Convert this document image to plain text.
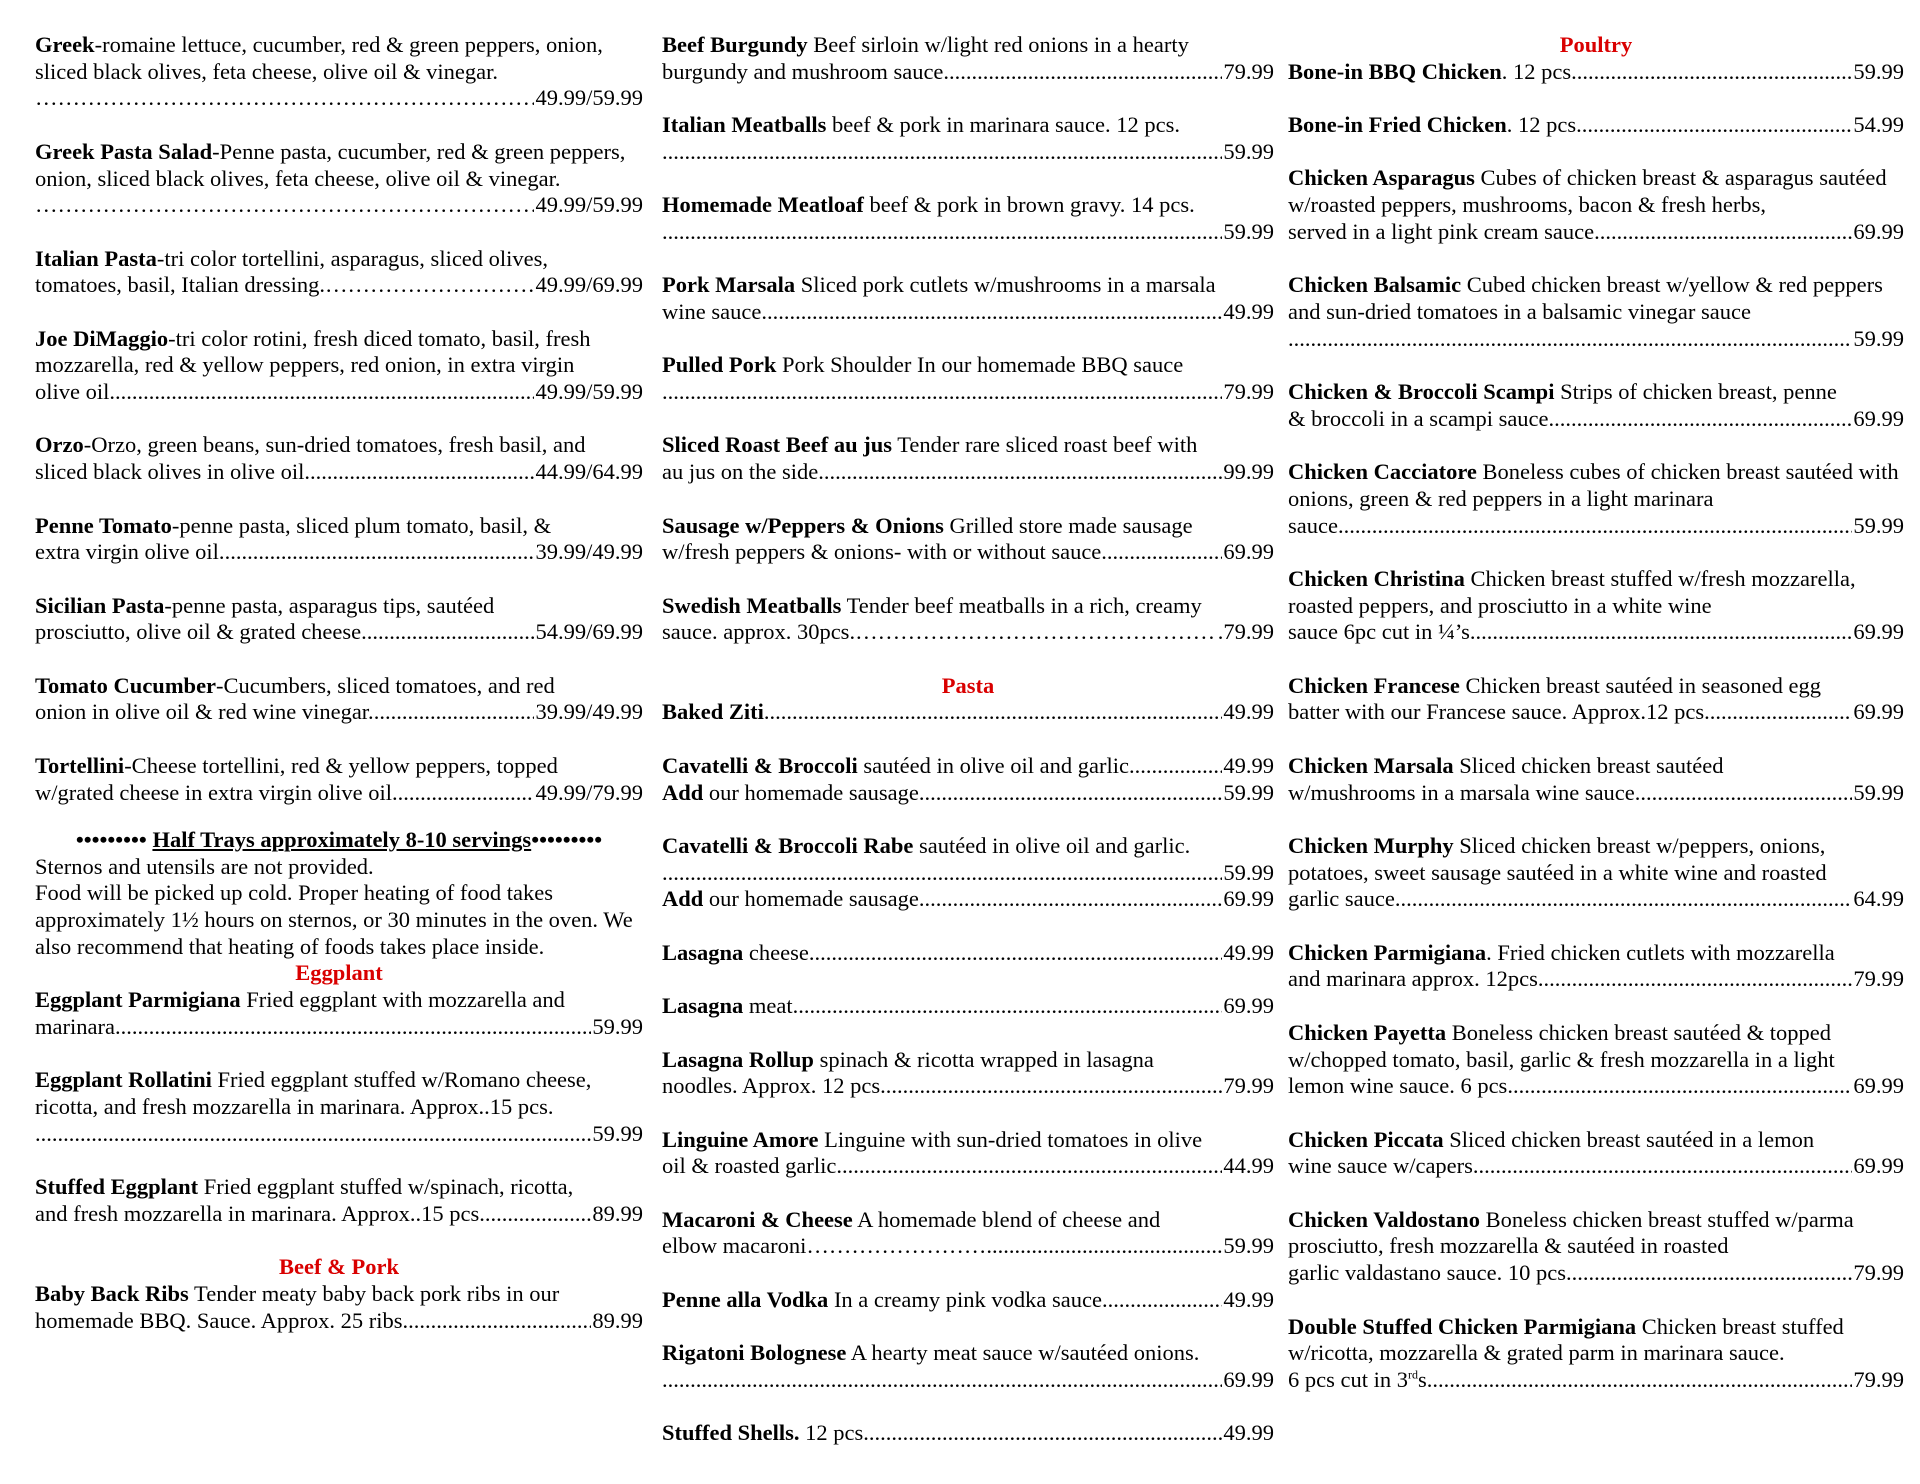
Greek-romaine lettuce, cucumber, red & green peppers, onion, sliced black olives, feta cheese, olive oil & vinegar.
………………………………………………………………………………………………………………………………………………………………………
49.99/59.99
Greek Pasta Salad-Penne pasta, cucumber, red & green peppers, onion, sliced black olives, feta cheese, olive oil & vinegar.
………………………………………………………………………………………………………………………………………………………………………
49.99/59.99
Italian Pasta-tri color tortellini, asparagus, sliced olives,
tomatoes, basil, Italian dressing. ………………………………………………………………………………………………………………………………………………………………………	49.99/69.99
Joe DiMaggio-tri color rotini, fresh diced tomato, basil, fresh mozzarella, red & yellow peppers, red onion, in extra virgin
olive oil. .....	49.99/59.99
Orzo-Orzo, green beans, sun-dried tomatoes, fresh basil, and
sliced black olives in olive oil. .....	44.99/64.99
Penne Tomato-penne pasta, sliced plum tomato, basil, &
extra virgin olive oil. .....	39.99/49.99
Sicilian Pasta-penne pasta, asparagus tips, sautéed
prosciutto, olive oil & grated cheese .....	54.99/69.99
Tomato Cucumber-Cucumbers, sliced tomatoes, and red
onion in olive oil & red wine vinegar. .....	39.99/49.99
Tortellini-Cheese tortellini, red & yellow peppers, topped
w/grated cheese in extra virgin olive oil .....	49.99/79.99
••••••••• Half Trays approximately 8-10 servings•••••••••
Sternos and utensils are not provided.
Food will be picked up cold. Proper heating of food takes approximately 1½ hours on sternos, or 30 minutes in the oven. We also recommend that heating of foods takes place inside.
Eggplant
Eggplant Parmigiana Fried eggplant with mozzarella and
marinara .....	59.99
Eggplant Rollatini Fried eggplant stuffed w/Romano cheese, ricotta, and fresh mozzarella in marinara. Approx..15 pcs.
.....
59.99
Stuffed Eggplant Fried eggplant stuffed w/spinach, ricotta,
and fresh mozzarella in marinara. Approx..15 pcs. .....	89.99
Beef & Pork
Baby Back Ribs Tender meaty baby back pork ribs in our
homemade BBQ. Sauce. Approx. 25 ribs .....	89.99
Beef Burgundy Beef sirloin w/light red onions in a hearty
burgundy and mushroom sauce. .....	79.99
Italian Meatballs beef & pork in marinara sauce. 12 pcs.
.....
59.99
Homemade Meatloaf beef & pork in brown gravy. 14 pcs.
.....
59.99
Pork Marsala Sliced pork cutlets w/mushrooms in a marsala
wine sauce. .....	49.99
Pulled Pork Pork Shoulder In our homemade BBQ sauce
.....
79.99
Sliced Roast Beef au jus Tender rare sliced roast beef with
au jus on the side. .....	99.99
Sausage w/Peppers & Onions Grilled store made sausage
w/fresh peppers & onions- with or without sauce .....	69.99
Swedish Meatballs Tender beef meatballs in a rich, creamy
sauce. approx. 30pcs. ………………………………………………………………………………………………………………………………………………………………………	.79.99
Pasta
Baked Ziti .....	49.99
Cavatelli & Broccoli sautéed in olive oil and garlic .....	49.99
Add our homemade sausage .....	59.99
Cavatelli & Broccoli Rabe sautéed in olive oil and garlic.
.....
59.99
Add our homemade sausage .....	69.99
Lasagna cheese .....	49.99
Lasagna meat .....	69.99
Lasagna Rollup spinach & ricotta wrapped in lasagna
noodles. Approx. 12 pcs .....	79.99
Linguine Amore Linguine with sun-dried tomatoes in olive
oil & roasted garlic .....	44.99
Macaroni & Cheese A homemade blend of cheese and
elbow macaroni…………………… .....	59.99
Penne alla Vodka In a creamy pink vodka sauce .....	49.99
Rigatoni Bolognese A hearty meat sauce w/sautéed onions.
.....
69.99
Stuffed Shells. 12 pcs .....	49.99
Poultry
Bone-in BBQ Chicken. 12 pcs .....	59.99
Bone-in Fried Chicken. 12 pcs .....	54.99
Chicken Asparagus Cubes of chicken breast & asparagus sautéed w/roasted peppers, mushrooms, bacon & fresh herbs,
served in a light pink cream sauce. .....	69.99
Chicken Balsamic Cubed chicken breast w/yellow & red peppers and sun-dried tomatoes in a balsamic vinegar sauce
.....
59.99
Chicken & Broccoli Scampi Strips of chicken breast, penne
& broccoli in a scampi sauce .....	69.99
Chicken Cacciatore Boneless cubes of chicken breast sautéed with onions, green & red peppers in a light marinara
sauce .....	59.99
Chicken Christina Chicken breast stuffed w/fresh mozzarella, roasted peppers, and prosciutto in a white wine
sauce 6pc cut in ¼’s .....	69.99
Chicken Francese Chicken breast sautéed in seasoned egg
batter with our Francese sauce. Approx.12 pcs .....	69.99
Chicken Marsala Sliced chicken breast sautéed
w/mushrooms in a marsala wine sauce .....	59.99
Chicken Murphy Sliced chicken breast w/peppers, onions, potatoes, sweet sausage sautéed in a white wine and roasted
garlic sauce .....	64.99
Chicken Parmigiana. Fried chicken cutlets with mozzarella
and marinara approx. 12pcs .....	79.99
Chicken Payetta Boneless chicken breast sautéed & topped w/chopped tomato, basil, garlic & fresh mozzarella in a light
lemon wine sauce. 6 pcs .....	69.99
Chicken Piccata Sliced chicken breast sautéed in a lemon
wine sauce w/capers .....	69.99
Chicken Valdostano Boneless chicken breast stuffed w/parma prosciutto, fresh mozzarella & sautéed in roasted
garlic valdastano sauce. 10 pcs .....	79.99
Double Stuffed Chicken Parmigiana Chicken breast stuffed w/ricotta, mozzarella & grated parm in marinara sauce.
6 pcs cut in 3rds. .....	79.99
